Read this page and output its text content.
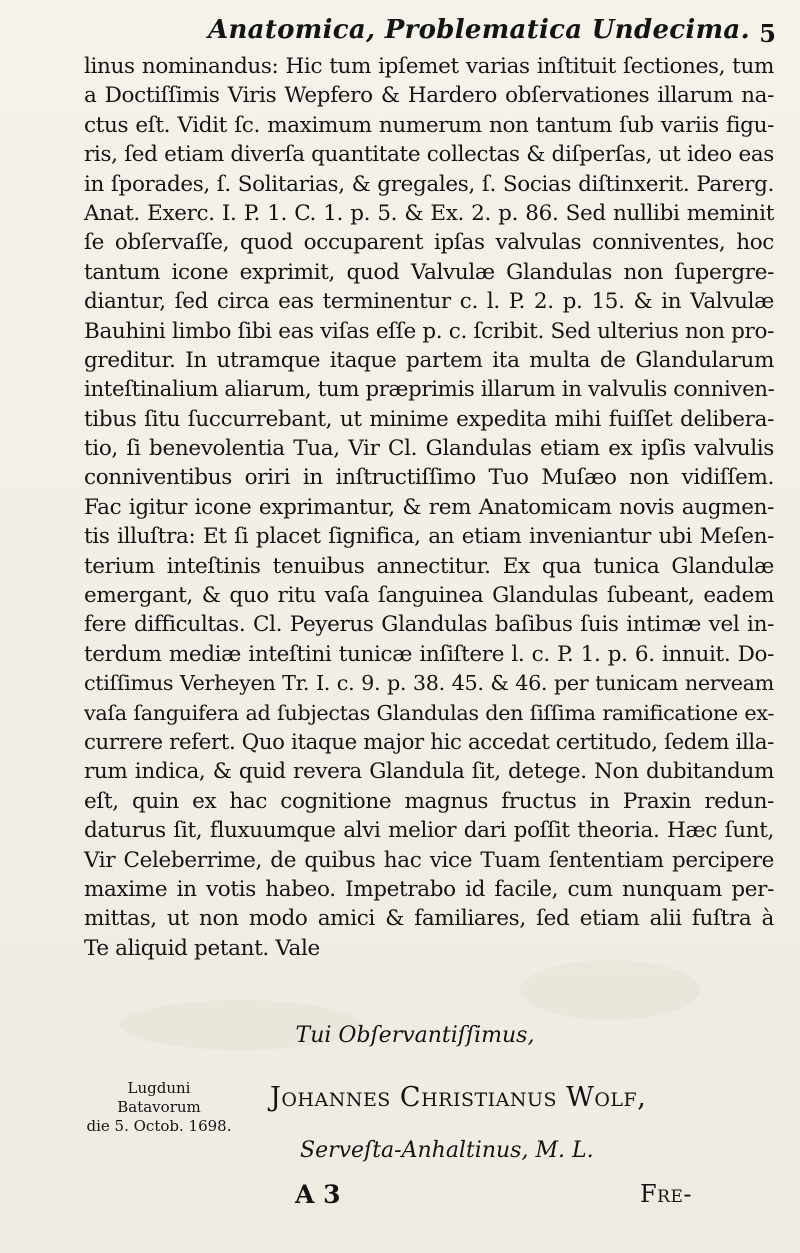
Anatomica, Problematica Undecima. 5
linus nominandus: Hic tum ipſemet varias inſtituit ſectiones, tum
a Doctiſſimis Viris Wepfero & Hardero obſervationes illarum na-
ctus eſt. Vidit ſc. maximum numerum non tantum ſub variis figu-
ris, ſed etiam diverſa quantitate collectas & diſperſas, ut ideo eas
in ſporades, ſ. Solitarias, & gregales, ſ. Socias diſtinxerit. Parerg.
Anat. Exerc. I. P. 1. C. 1. p. 5. & Ex. 2. p. 86. Sed nullibi meminit
ſe obſervaſſe, quod occuparent ipſas valvulas conniventes, hoc
tantum icone exprimit, quod Valvulæ Glandulas non ſupergre-
diantur, ſed circa eas terminentur c. l. P. 2. p. 15. & in Valvulæ
Bauhini limbo ſibi eas viſas eſſe p. c. ſcribit. Sed ulterius non pro-
greditur. In utramque itaque partem ita multa de Glandularum
inteſtinalium aliarum, tum præprimis illarum in valvulis conniven-
tibus ſitu ſuccurrebant, ut minime expedita mihi fuiſſet delibera-
tio, ſi benevolentia Tua, Vir Cl. Glandulas etiam ex ipſis valvulis
conniventibus oriri in inſtructiſſimo Tuo Muſæo non vidiſſem.
Fac igitur icone exprimantur, & rem Anatomicam novis augmen-
tis illuſtra: Et ſi placet ſignifica, an etiam inveniantur ubi Meſen-
terium inteſtinis tenuibus annectitur. Ex qua tunica Glandulæ
emergant, & quo ritu vaſa ſanguinea Glandulas ſubeant, eadem
fere difficultas. Cl. Peyerus Glandulas baſibus ſuis intimæ vel in-
terdum mediæ inteſtini tunicæ inſiſtere l. c. P. 1. p. 6. innuit. Do-
ctiſſimus Verheyen Tr. I. c. 9. p. 38. 45. & 46. per tunicam nerveam
vaſa ſanguifera ad ſubjectas Glandulas den ſiſſima ramificatione ex-
currere refert. Quo itaque major hic accedat certitudo, ſedem illa-
rum indica, & quid revera Glandula ſit, detege. Non dubitandum
eſt, quin ex hac cognitione magnus fructus in Praxin redun-
daturus ſit, fluxuumque alvi melior dari poſſit theoria. Hæc ſunt,
Vir Celeberrime, de quibus hac vice Tuam ſententiam percipere
maxime in votis habeo. Impetrabo id facile, cum nunquam per-
mittas, ut non modo amici & familiares, ſed etiam alii fuſtra à
Te aliquid petant. Vale
Tui Obſervantiſſimus,
Lugduni Batavorum
die 5. Octob. 1698.
Johannes Christianus Wolf,
Serveſta-Anhaltinus, M. L.
A 3	Fre-
